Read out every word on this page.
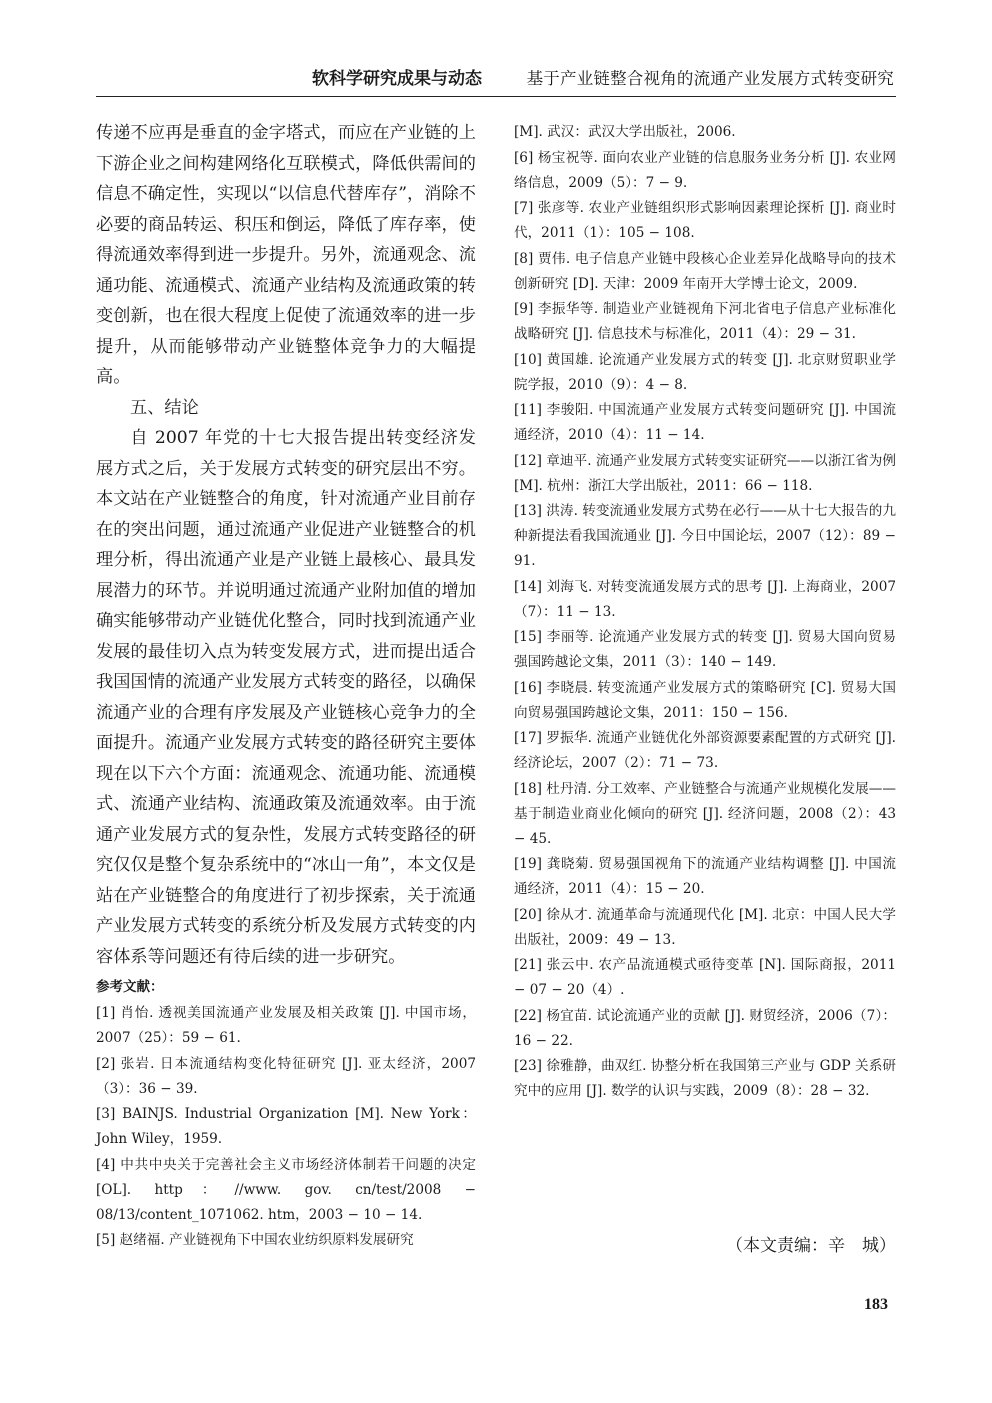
软科学研究成果与动态	基于产业链整合视角的流通产业发展方式转变研究

传递不应再是垂直的金字塔式，而应在产业链的上下游企业之间构建网络化互联模式，降低供需间的信息不确定性，实现以“以信息代替库存”，消除不必要的商品转运、积压和倒运，降低了库存率，使得流通效率得到进一步提升。另外，流通观念、流通功能、流通模式、流通产业结构及流通政策的转变创新，也在很大程度上促使了流通效率的进一步提升，从而能够带动产业链整体竞争力的大幅提高。

五、结论

自 2007 年党的十七大报告提出转变经济发展方式之后，关于发展方式转变的研究层出不穷。本文站在产业链整合的角度，针对流通产业目前存在的突出问题，通过流通产业促进产业链整合的机理分析，得出流通产业是产业链上最核心、最具发展潜力的环节。并说明通过流通产业附加值的增加确实能够带动产业链优化整合，同时找到流通产业发展的最佳切入点为转变发展方式，进而提出适合我国国情的流通产业发展方式转变的路径，以确保流通产业的合理有序发展及产业链核心竞争力的全面提升。流通产业发展方式转变的路径研究主要体现在以下六个方面：流通观念、流通功能、流通模式、流通产业结构、流通政策及流通效率。由于流通产业发展方式的复杂性，发展方式转变路径的研究仅仅是整个复杂系统中的“冰山一角”，本文仅是站在产业链整合的角度进行了初步探索，关于流通产业发展方式转变的系统分析及发展方式转变的内容体系等问题还有待后续的进一步研究。

参考文献：

[1] 肖怡. 透视美国流通产业发展及相关政策 [J]. 中国市场，2007（25）：59 − 61.

[2] 张岩. 日本流通结构变化特征研究 [J]. 亚太经济，2007（3）：36 − 39.

[3] BAINJS. Industrial Organization [M]. New York：John Wiley，1959.

[4] 中共中央关于完善社会主义市场经济体制若干问题的决定 [OL]. http：//www. gov. cn/test/2008 − 08/13/content_1071062. htm，2003 − 10 − 14.

[5] 赵绪福. 产业链视角下中国农业纺织原料发展研究

[M]. 武汉：武汉大学出版社，2006.

[6] 杨宝祝等. 面向农业产业链的信息服务业务分析 [J]. 农业网络信息，2009（5）：7 − 9.

[7] 张彦等. 农业产业链组织形式影响因素理论探析 [J]. 商业时代，2011（1）：105 − 108.

[8] 贾伟. 电子信息产业链中段核心企业差异化战略导向的技术创新研究 [D]. 天津：2009 年南开大学博士论文，2009.

[9] 李振华等. 制造业产业链视角下河北省电子信息产业标准化战略研究 [J]. 信息技术与标准化，2011（4）：29 − 31.

[10] 黄国雄. 论流通产业发展方式的转变 [J]. 北京财贸职业学院学报，2010（9）：4 − 8.

[11] 李骏阳. 中国流通产业发展方式转变问题研究 [J]. 中国流通经济，2010（4）：11 − 14.

[12] 章迪平. 流通产业发展方式转变实证研究——以浙江省为例 [M]. 杭州：浙江大学出版社，2011：66 − 118.

[13] 洪涛. 转变流通业发展方式势在必行——从十七大报告的九种新提法看我国流通业 [J]. 今日中国论坛，2007（12）：89 − 91.

[14] 刘海飞. 对转变流通发展方式的思考 [J]. 上海商业，2007（7）：11 − 13.

[15] 李丽等. 论流通产业发展方式的转变 [J]. 贸易大国向贸易强国跨越论文集，2011（3）：140 − 149.

[16] 李晓晨. 转变流通产业发展方式的策略研究 [C]. 贸易大国向贸易强国跨越论文集，2011：150 − 156.

[17] 罗振华. 流通产业链优化外部资源要素配置的方式研究 [J]. 经济论坛，2007（2）：71 − 73.

[18] 杜丹清. 分工效率、产业链整合与流通产业规模化发展——基于制造业商业化倾向的研究 [J]. 经济问题，2008（2）：43 − 45.

[19] 龚晓菊. 贸易强国视角下的流通产业结构调整 [J]. 中国流通经济，2011（4）：15 − 20.

[20] 徐从才. 流通革命与流通现代化 [M]. 北京：中国人民大学出版社，2009：49 − 13.

[21] 张云中. 农产品流通模式亟待变革 [N]. 国际商报，2011 − 07 − 20（4）.

[22] 杨宜苗. 试论流通产业的贡献 [J]. 财贸经济，2006（7）：16 − 22.

[23] 徐雅静，曲双红. 协整分析在我国第三产业与 GDP 关系研究中的应用 [J]. 数学的认识与实践，2009（8）：28 − 32.

（本文责编：辛　城）
183
